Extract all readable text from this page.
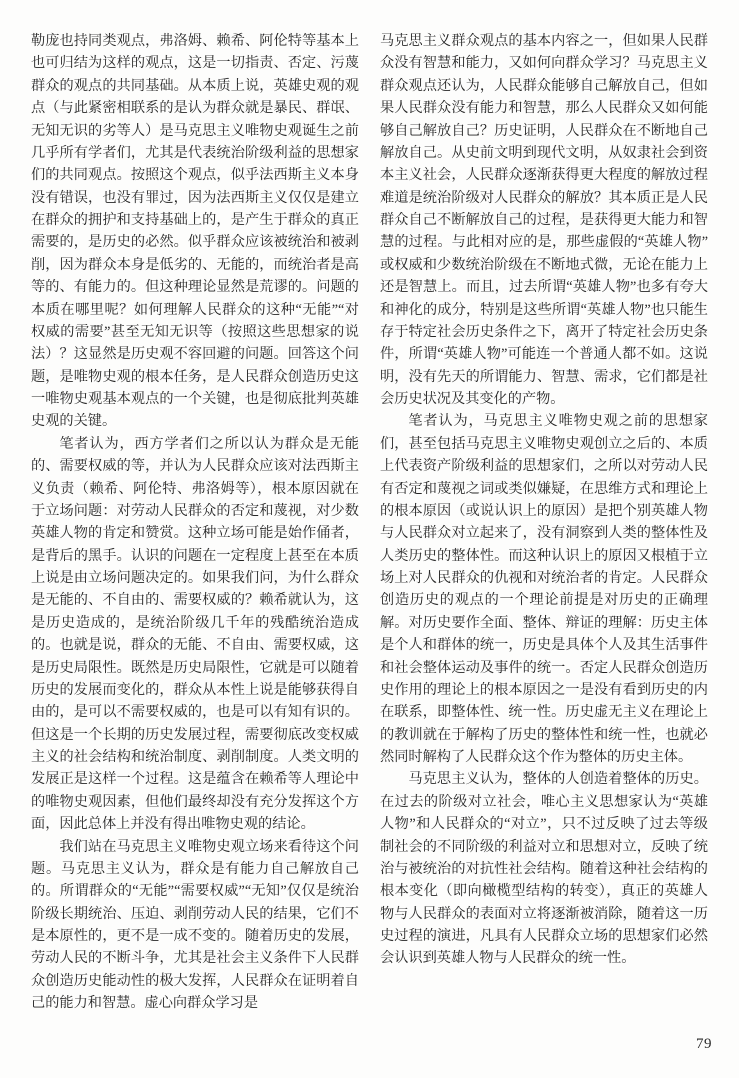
勒庞也持同类观点，弗洛姆、赖希、阿伦特等基本上也可归结为这样的观点，这是一切指责、否定、污蔑群众的观点的共同基础。从本质上说，英雄史观的观点（与此紧密相联系的是认为群众就是暴民、群氓、无知无识的劣等人）是马克思主义唯物史观诞生之前几乎所有学者们，尤其是代表统治阶级利益的思想家们的共同观点。按照这个观点，似乎法西斯主义本身没有错误，也没有罪过，因为法西斯主义仅仅是建立在群众的拥护和支持基础上的，是产生于群众的真正需要的，是历史的必然。似乎群众应该被统治和被剥削，因为群众本身是低劣的、无能的，而统治者是高等的、有能力的。但这种理论显然是荒谬的。问题的本质在哪里呢？如何理解人民群众的这种“无能”“对权威的需要”甚至无知无识等（按照这些思想家的说法）？这显然是历史观不容回避的问题。回答这个问题，是唯物史观的根本任务，是人民群众创造历史这一唯物史观基本观点的一个关键，也是彻底批判英雄史观的关键。

笔者认为，西方学者们之所以认为群众是无能的、需要权威的等，并认为人民群众应该对法西斯主义负责（赖希、阿伦特、弗洛姆等），根本原因就在于立场问题：对劳动人民群众的否定和蔑视，对少数英雄人物的肯定和赞赏。这种立场可能是始作俑者，是背后的黑手。认识的问题在一定程度上甚至在本质上说是由立场问题决定的。如果我们问，为什么群众是无能的、不自由的、需要权威的？赖希就认为，这是历史造成的，是统治阶级几千年的残酷统治造成的。也就是说，群众的无能、不自由、需要权威，这是历史局限性。既然是历史局限性，它就是可以随着历史的发展而变化的，群众从本性上说是能够获得自由的，是可以不需要权威的，也是可以有知有识的。但这是一个长期的历史发展过程，需要彻底改变权威主义的社会结构和统治制度、剥削制度。人类文明的发展正是这样一个过程。这是蕴含在赖希等人理论中的唯物史观因素，但他们最终却没有充分发挥这个方面，因此总体上并没有得出唯物史观的结论。

我们站在马克思主义唯物史观立场来看待这个问题。马克思主义认为，群众是有能力自己解放自己的。所谓群众的“无能”“需要权威”“无知”仅仅是统治阶级长期统治、压迫、剥削劳动人民的结果，它们不是本原性的，更不是一成不变的。随着历史的发展，劳动人民的不断斗争，尤其是社会主义条件下人民群众创造历史能动性的极大发挥，人民群众在证明着自己的能力和智慧。虚心向群众学习是

马克思主义群众观点的基本内容之一，但如果人民群众没有智慧和能力，又如何向群众学习？马克思主义群众观点还认为，人民群众能够自己解放自己，但如果人民群众没有能力和智慧，那么人民群众又如何能够自己解放自己？历史证明，人民群众在不断地自己解放自己。从史前文明到现代文明，从奴隶社会到资本主义社会，人民群众逐渐获得更大程度的解放过程难道是统治阶级对人民群众的解放？其本质正是人民群众自己不断解放自己的过程，是获得更大能力和智慧的过程。与此相对应的是，那些虚假的“英雄人物”或权威和少数统治阶级在不断地式微，无论在能力上还是智慧上。而且，过去所谓“英雄人物”也多有夸大和神化的成分，特别是这些所谓“英雄人物”也只能生存于特定社会历史条件之下，离开了特定社会历史条件，所谓“英雄人物”可能连一个普通人都不如。这说明，没有先天的所谓能力、智慧、需求，它们都是社会历史状况及其变化的产物。

笔者认为，马克思主义唯物史观之前的思想家们，甚至包括马克思主义唯物史观创立之后的、本质上代表资产阶级利益的思想家们，之所以对劳动人民有否定和蔑视之词或类似嫌疑，在思维方式和理论上的根本原因（或说认识上的原因）是把个别英雄人物与人民群众对立起来了，没有洞察到人类的整体性及人类历史的整体性。而这种认识上的原因又根植于立场上对人民群众的仇视和对统治者的肯定。人民群众创造历史的观点的一个理论前提是对历史的正确理解。对历史要作全面、整体、辩证的理解：历史主体是个人和群体的统一，历史是具体个人及其生活事件和社会整体运动及事件的统一。否定人民群众创造历史作用的理论上的根本原因之一是没有看到历史的内在联系，即整体性、统一性。历史虚无主义在理论上的教训就在于解构了历史的整体性和统一性，也就必然同时解构了人民群众这个作为整体的历史主体。

马克思主义认为，整体的人创造着整体的历史。在过去的阶级对立社会，唯心主义思想家认为“英雄人物”和人民群众的“对立”，只不过反映了过去等级制社会的不同阶级的利益对立和思想对立，反映了统治与被统治的对抗性社会结构。随着这种社会结构的根本变化（即向橄榄型结构的转变），真正的英雄人物与人民群众的表面对立将逐渐被消除，随着这一历史过程的演进，凡具有人民群众立场的思想家们必然会认识到英雄人物与人民群众的统一性。

79
